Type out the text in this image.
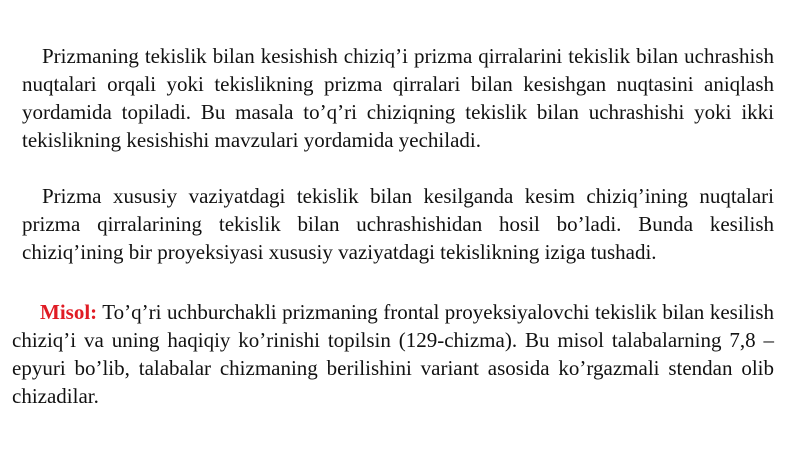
Prizmaning tekislik bilan kesishish chiziq’i prizma qirralarini tekislik bilan uchrashish nuqtalari orqali yoki tekislikning prizma qirralari bilan kesishgan nuqtasini aniqlash yordamida topiladi. Bu masala to’q’ri chiziqning tekislik bilan uchrashishi yoki ikki tekislikning kesishishi mavzulari yordamida yechiladi.

Prizma xususiy vaziyatdagi tekislik bilan kesilganda kesim chiziq’ining nuqtalari prizma qirralarining tekislik bilan uchrashishidan hosil bo’ladi. Bunda kesilish chiziq’ining bir proyeksiyasi xususiy vaziyatdagi tekislikning iziga tushadi.

Misol: To’q’ri uchburchakli prizmaning frontal proyeksiyalovchi tekislik bilan kesilish chiziq’i va uning haqiqiy ko’rinishi topilsin (129-chizma). Bu misol talabalarning 7,8 – epyuri bo’lib, talabalar chizmaning berilishini variant asosida ko’rgazmali stendan olib chizadilar.
